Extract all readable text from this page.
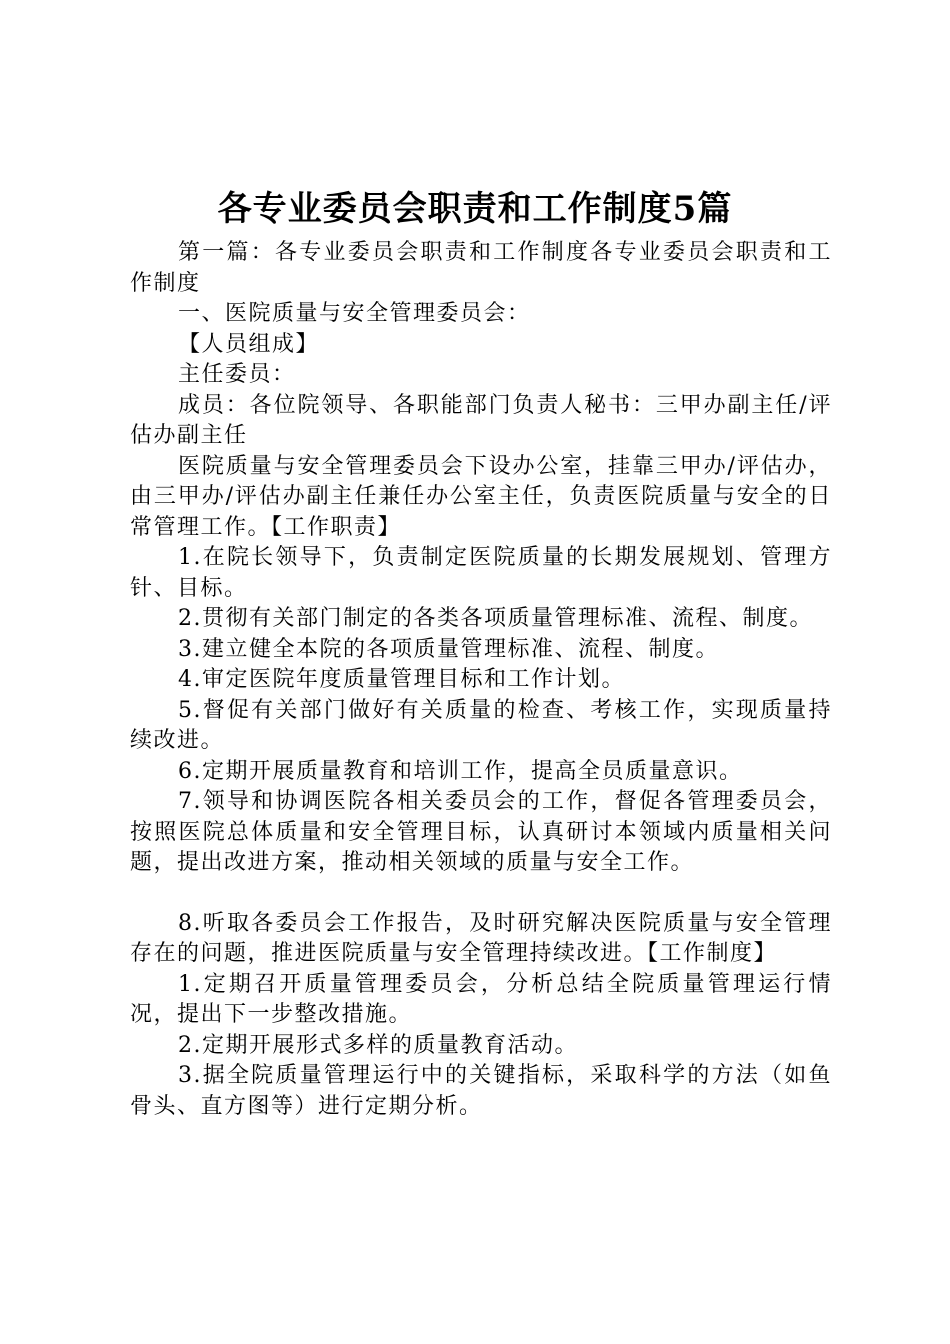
各专业委员会职责和工作制度5篇

第一篇：各专业委员会职责和工作制度各专业委员会职责和工作制度

一、医院质量与安全管理委员会：

【人员组成】

主任委员：

成员：各位院领导、各职能部门负责人秘书：三甲办副主任/评估办副主任

医院质量与安全管理委员会下设办公室，挂靠三甲办/评估办，由三甲办/评估办副主任兼任办公室主任，负责医院质量与安全的日常管理工作。【工作职责】

1.在院长领导下，负责制定医院质量的长期发展规划、管理方针、目标。

2.贯彻有关部门制定的各类各项质量管理标准、流程、制度。

3.建立健全本院的各项质量管理标准、流程、制度。

4.审定医院年度质量管理目标和工作计划。

5.督促有关部门做好有关质量的检查、考核工作，实现质量持续改进。

6.定期开展质量教育和培训工作，提高全员质量意识。

7.领导和协调医院各相关委员会的工作，督促各管理委员会，按照医院总体质量和安全管理目标，认真研讨本领域内质量相关问题，提出改进方案，推动相关领域的质量与安全工作。

8.听取各委员会工作报告，及时研究解决医院质量与安全管理存在的问题，推进医院质量与安全管理持续改进。【工作制度】

1.定期召开质量管理委员会，分析总结全院质量管理运行情况，提出下一步整改措施。

2.定期开展形式多样的质量教育活动。

3.据全院质量管理运行中的关键指标，采取科学的方法（如鱼骨头、直方图等）进行定期分析。
